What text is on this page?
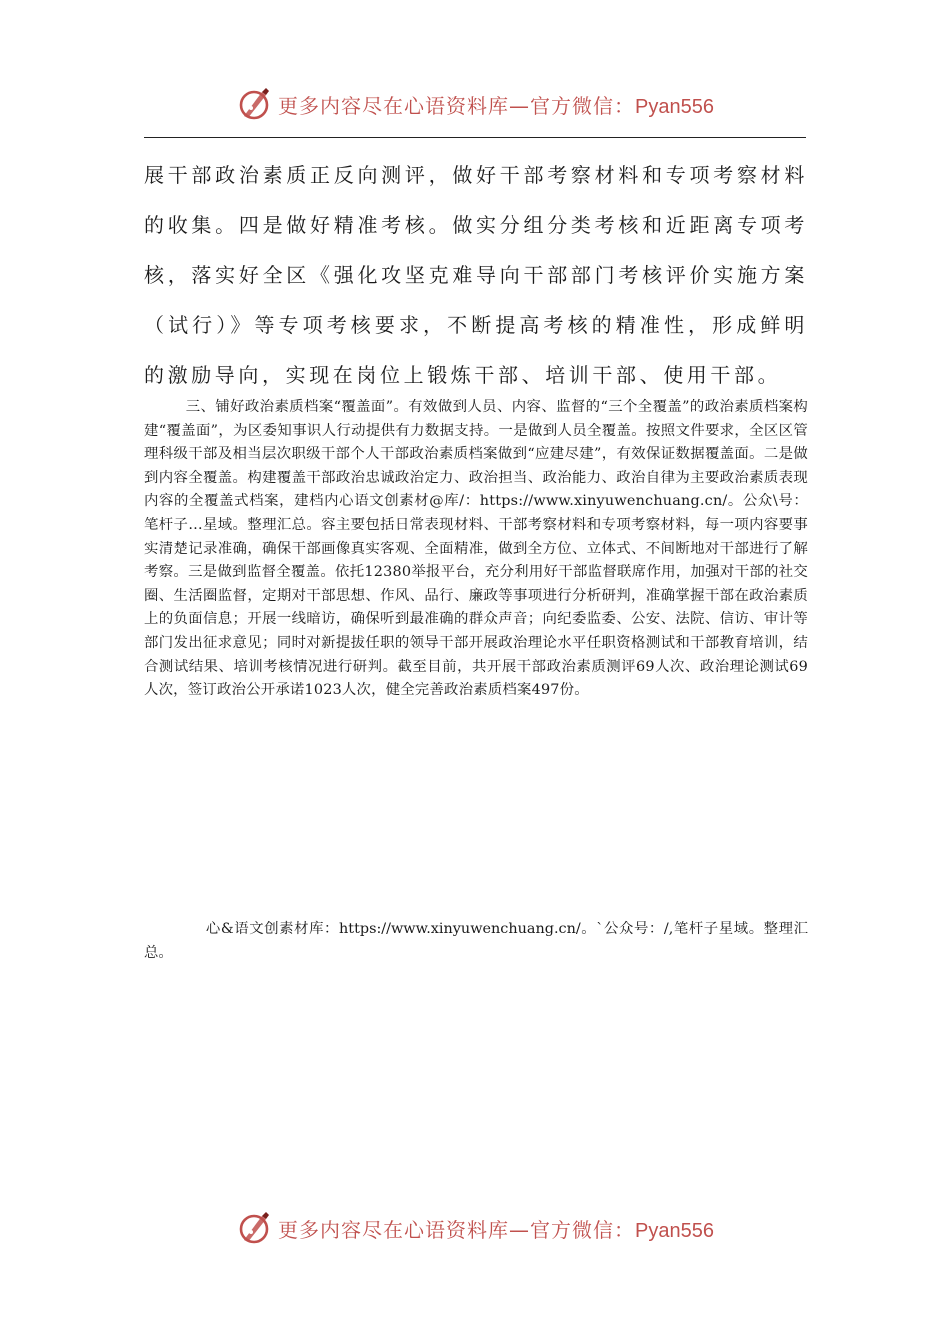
更多内容尽在心语资料库—官方微信：Pyan556

展干部政治素质正反向测评，做好干部考察材料和专项考察材料的收集。四是做好精准考核。做实分组分类考核和近距离专项考核，落实好全区《强化攻坚克难导向干部部门考核评价实施方案（试行）》等专项考核要求，不断提高考核的精准性，形成鲜明的激励导向，实现在岗位上锻炼干部、培训干部、使用干部。

三、铺好政治素质档案“覆盖面”。有效做到人员、内容、监督的“三个全覆盖”的政治素质档案构建“覆盖面”，为区委知事识人行动提供有力数据支持。一是做到人员全覆盖。按照文件要求，全区区管理科级干部及相当层次职级干部个人干部政治素质档案做到“应建尽建”，有效保证数据覆盖面。二是做到内容全覆盖。构建覆盖干部政治忠诚政治定力、政治担当、政治能力、政治自律为主要政治素质表现内容的全覆盖式档案，建档内心语文创素材@库/：https://www.xinyuwenchuang.cn/。公众\号：笔杆子…星域。整理汇总。容主要包括日常表现材料、干部考察材料和专项考察材料，每一项内容要事实清楚记录准确，确保干部画像真实客观、全面精准，做到全方位、立体式、不间断地对干部进行了解考察。三是做到监督全覆盖。依托12380举报平台，充分利用好干部监督联席作用，加强对干部的社交圈、生活圈监督，定期对干部思想、作风、品行、廉政等事项进行分析研判，准确掌握干部在政治素质上的负面信息；开展一线暗访，确保听到最准确的群众声音；向纪委监委、公安、法院、信访、审计等部门发出征求意见；同时对新提拔任职的领导干部开展政治理论水平任职资格测试和干部教育培训，结合测试结果、培训考核情况进行研判。截至目前，共开展干部政治素质测评69人次、政治理论测试69人次，签订政治公开承诺1023人次，健全完善政治素质档案497份。

心&语文创素材库：https://www.xinyuwenchuang.cn/。`公众号：/,笔杆子星域。整理汇总。

更多内容尽在心语资料库—官方微信：Pyan556
